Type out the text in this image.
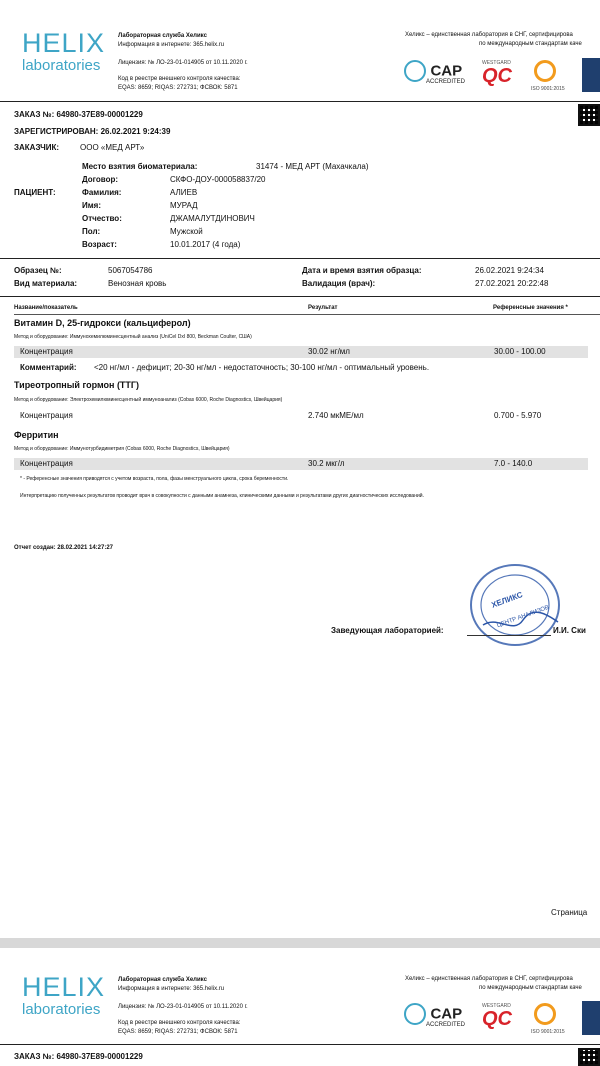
HELIX
laboratories
Лабораторная служба Хеликс
Информация в интернете: 365.helix.ru
Лицензия: № ЛО-23-01-014905 от 10.11.2020 г.
Код в реестре внешнего контроля качества:
EQAS: 8659; RIQAS: 272731; ФСВОК: 5871
Хеликс – единственная лаборатория в СНГ, сертифицирова
по международным стандартам каче
CAP
ACCREDITED
WESTGARD
QC
ISO 9001:2015
ЗАКАЗ №: 64980-37E89-00001229
ЗАРЕГИСТРИРОВАН: 26.02.2021 9:24:39
ЗАКАЗЧИК:	ООО «МЕД АРТ»
ПАЦИЕНТ:
Место взятия биоматериала:	31474 - МЕД АРТ (Махачкала)
Договор:	СКФО-ДОУ-000058837/20
Фамилия:	АЛИЕВ
Имя:	МУРАД
Отчество:	ДЖАМАЛУТДИНОВИЧ
Пол:	Мужской
Возраст:	10.01.2017 (4 года)
Образец №:	5067054786
Вид материала:	Венозная кровь
Дата и время взятия образца:	26.02.2021 9:24:34
Валидация (врач):	27.02.2021 20:22:48
Название/показатель	Результат	Референсные значения *
Витамин D, 25-гидрокси (кальциферол)
Метод и оборудование: Иммунохемилюминесцентный анализ (UniCel DxI 800, Beckman Coulter, США)
Концентрация	30.02 нг/мл	30.00 - 100.00
Комментарий: <20 нг/мл - дефицит; 20-30 нг/мл - недостаточность; 30-100 нг/мл - оптимальный уровень.
Тиреотропный гормон (ТТГ)
Метод и оборудование: Электрохемилюминесцентный иммуноанализ (Cobas 6000, Roche Diagnostics, Швейцария)
Концентрация	2.740 мкМЕ/мл	0.700 - 5.970
Ферритин
Метод и оборудование: Иммунотурбидиметрия (Cobas 6000, Roche Diagnostics, Швейцария)
Концентрация	30.2 мкг/л	7.0 - 140.0
* - Референсные значения приводятся с учетом возраста, пола, фазы менструального цикла, срока беременности.
Интерпретацию полученных результатов проводит врач в совокупности с данными анамнеза, клиническими данными и результатами других диагностических исследований.
Отчет создан: 28.02.2021 14:27:27
ХЕЛИКС
ЦЕНТР АНАЛИЗОВ
Заведующая лабораторией:	И.И. Ски
Страница
HELIX
laboratories
Лабораторная служба Хеликс
Информация в интернете: 365.helix.ru
Лицензия: № ЛО-23-01-014905 от 10.11.2020 г.
Код в реестре внешнего контроля качества:
EQAS: 8659; RIQAS: 272731; ФСВОК: 5871
Хеликс – единственная лаборатория в СНГ, сертифицирова
по международным стандартам каче
CAP
ACCREDITED
WESTGARD
QC
ISO 9001:2015
ЗАКАЗ №: 64980-37E89-00001229
